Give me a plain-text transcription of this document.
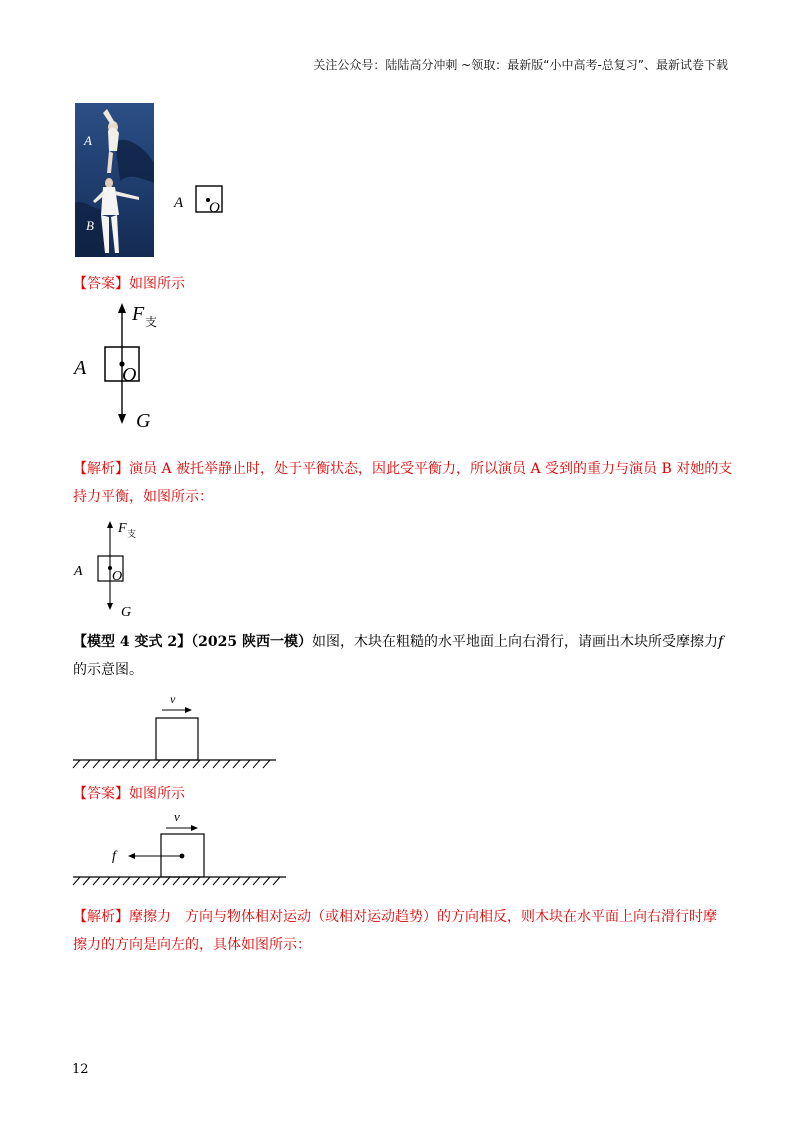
关注公众号：陆陆高分冲刺 ~领取：最新版“小中高考-总复习”、最新试卷下载
A
B
A O
【答案】如图所示
F 支
A O
G
【解析】演员 A 被托举静止时，处于平衡状态，因此受平衡力，所以演员 A 受到的重力与演员 B 对她的支
持力平衡，如图所示：
F 支
A O
G
【模型 4 变式 2】（2025 陕西一模）如图，木块在粗糙的水平地面上向右滑行，请画出木块所受摩擦力f
的示意图。
v
【答案】如图所示
v
f
【解析】摩擦力　方向与物体相对运动（或相对运动趋势）的方向相反，则木块在水平面上向右滑行时摩
擦力的方向是向左的，具体如图所示：
12
